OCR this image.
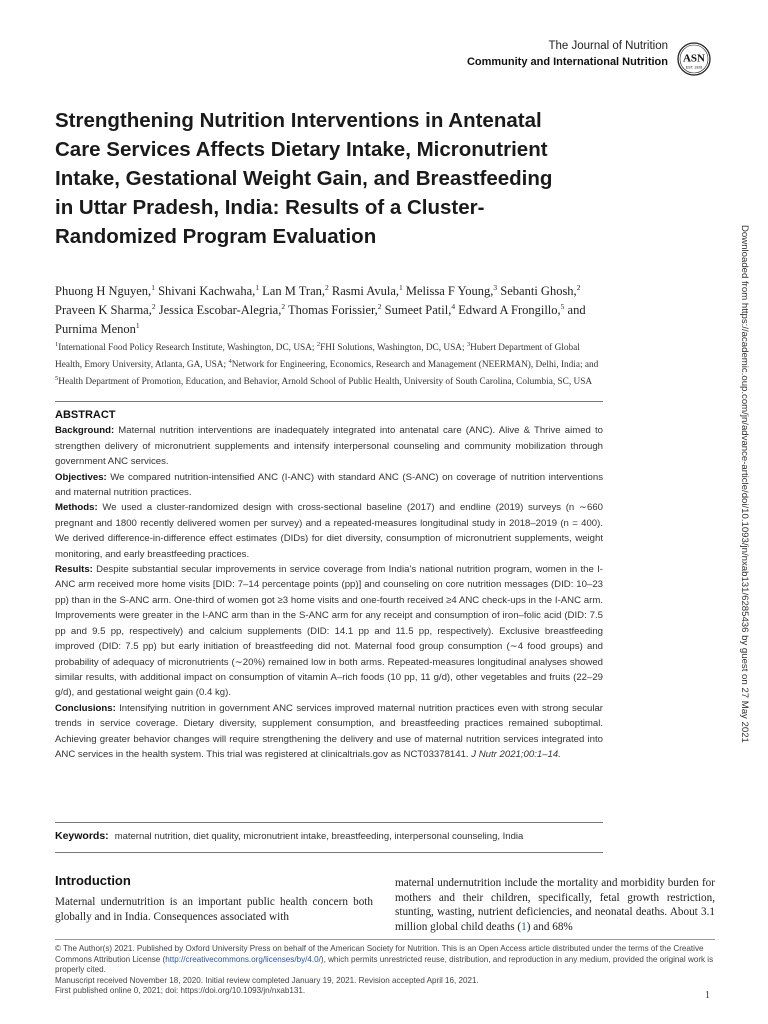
The Journal of Nutrition
Community and International Nutrition ASN
EST. 1928
Strengthening Nutrition Interventions in Antenatal Care Services Affects Dietary Intake, Micronutrient Intake, Gestational Weight Gain, and Breastfeeding in Uttar Pradesh, India: Results of a Cluster-Randomized Program Evaluation
Phuong H Nguyen,$^1$ Shivani Kachwaha,$^1$ Lan M Tran,$^2$ Rasmi Avula,$^1$ Melissa F Young,$^3$ Sebanti Ghosh,$^2$ Praveen K Sharma,$^2$ Jessica Escobar-Alegria,$^2$ Thomas Forissier,$^2$ Sumeet Patil,$^4$ Edward A Frongillo,$^5$ and Purnima Menon$^1$
$^1$International Food Policy Research Institute, Washington, DC, USA; $^2$FHI Solutions, Washington, DC, USA; $^3$Hubert Department of Global Health, Emory University, Atlanta, GA, USA; $^4$Network for Engineering, Economics, Research and Management (NEERMAN), Delhi, India; and $^5$Health Department of Promotion, Education, and Behavior, Arnold School of Public Health, University of South Carolina, Columbia, SC, USA
ABSTRACT

Background: Maternal nutrition interventions are inadequately integrated into antenatal care (ANC). Alive & Thrive aimed to strengthen delivery of micronutrient supplements and intensify interpersonal counseling and community mobilization through government ANC services.

Objectives: We compared nutrition-intensified ANC (I-ANC) with standard ANC (S-ANC) on coverage of nutrition interventions and maternal nutrition practices.

Methods: We used a cluster-randomized design with cross-sectional baseline (2017) and endline (2019) surveys (n ∼660 pregnant and 1800 recently delivered women per survey) and a repeated-measures longitudinal study in 2018–2019 (n = 400). We derived difference-in-difference effect estimates (DIDs) for diet diversity, consumption of micronutrient supplements, weight monitoring, and early breastfeeding practices.

Results: Despite substantial secular improvements in service coverage from India’s national nutrition program, women in the I-ANC arm received more home visits [DID: 7–14 percentage points (pp)] and counseling on core nutrition messages (DID: 10–23 pp) than in the S-ANC arm. One-third of women got ≥3 home visits and one-fourth received ≥4 ANC check-ups in the I-ANC arm. Improvements were greater in the I-ANC arm than in the S-ANC arm for any receipt and consumption of iron–folic acid (DID: 7.5 pp and 9.5 pp, respectively) and calcium supplements (DID: 14.1 pp and 11.5 pp, respectively). Exclusive breastfeeding improved (DID: 7.5 pp) but early initiation of breastfeeding did not. Maternal food group consumption (∼4 food groups) and probability of adequacy of micronutrients (∼20%) remained low in both arms. Repeated-measures longitudinal analyses showed similar results, with additional impact on consumption of vitamin A–rich foods (10 pp, 11 g/d), other vegetables and fruits (22–29 g/d), and gestational weight gain (0.4 kg).

Conclusions: Intensifying nutrition in government ANC services improved maternal nutrition practices even with strong secular trends in service coverage. Dietary diversity, supplement consumption, and breastfeeding practices remained suboptimal. Achieving greater behavior changes will require strengthening the delivery and use of maternal nutrition services integrated into ANC services in the health system. This trial was registered at clinicaltrials.gov as NCT03378141. J Nutr 2021;00:1–14.

Keywords: maternal nutrition, diet quality, micronutrient intake, breastfeeding, interpersonal counseling, India
Introduction
Maternal undernutrition is an important public health concern both globally and in India. Consequences associated with
maternal undernutrition include the mortality and morbidity burden for mothers and their children, specifically, fetal growth restriction, stunting, wasting, nutrient deficiencies, and neonatal deaths. About 3.1 million global child deaths (1) and 68%

© The Author(s) 2021. Published by Oxford University Press on behalf of the American Society for Nutrition. This is an Open Access article distributed under the terms of the Creative Commons Attribution License (http://creativecommons.org/licenses/by/4.0/), which permits unrestricted reuse, distribution, and reproduction in any medium, provided the original work is properly cited.

Manuscript received November 18, 2020. Initial review completed January 19, 2021. Revision accepted April 16, 2021.

First published online 0, 2021; doi: https://doi.org/10.1093/jn/nxab131.	1
Downloaded from https://academic.oup.com/jn/advance-article/doi/10.1093/jn/nxab131/6285436 by guest on 27 May 2021
